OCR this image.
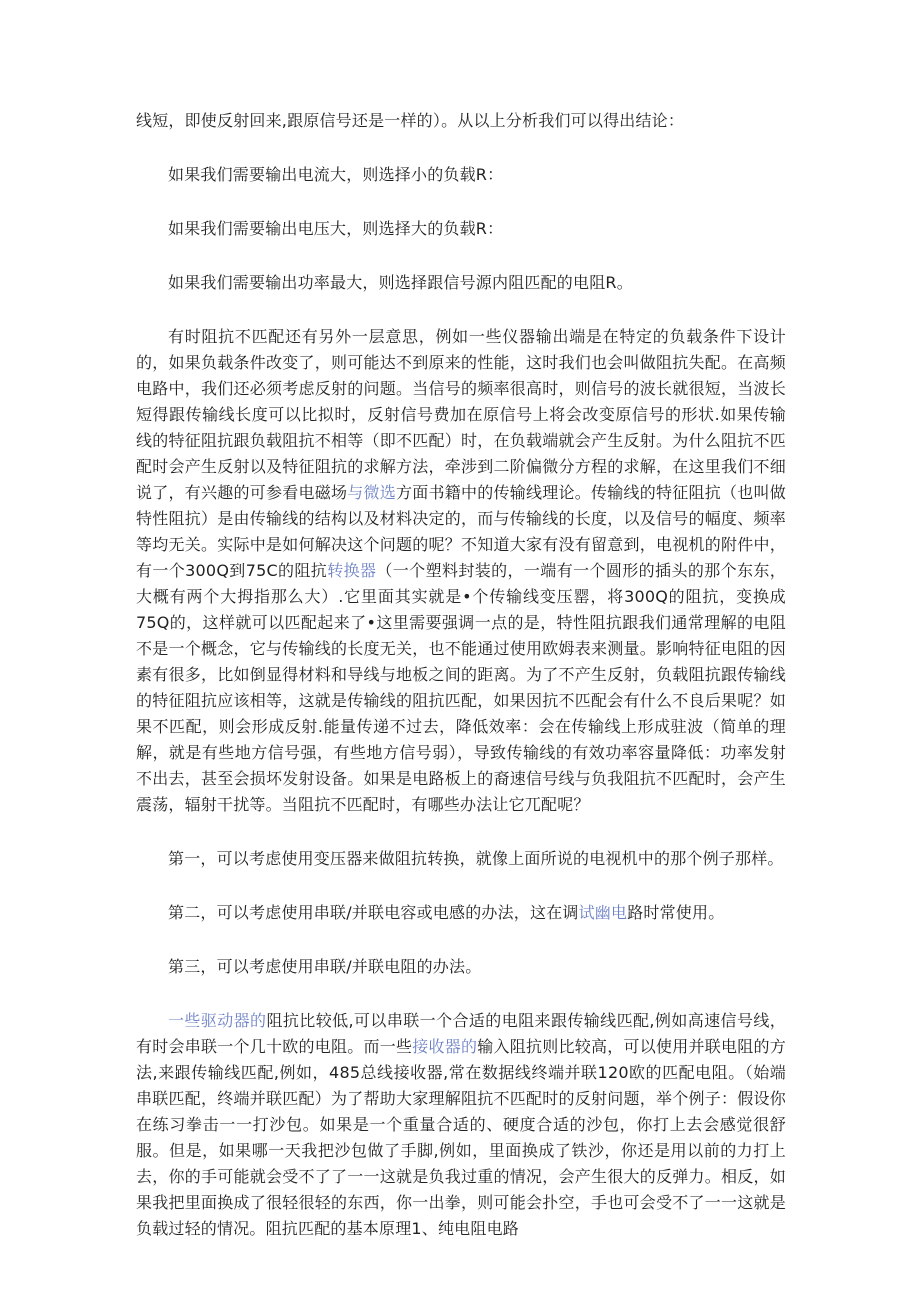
线短，即使反射回来,跟原信号还是一样的）。从以上分析我们可以得出结论：

如果我们需要输出电流大，则选择小的负载R：

如果我们需要输出电压大，则选择大的负载R：

如果我们需要输出功率最大，则选择跟信号源内阻匹配的电阻R。

有时阻抗不匹配还有另外一层意思，例如一些仪器输出端是在特定的负载条件下设计的，如果负载条件改变了，则可能达不到原来的性能，这时我们也会叫做阻抗失配。在高频电路中，我们还必须考虑反射的问题。当信号的频率很高时，则信号的波长就很短，当波长短得跟传输线长度可以比拟时，反射信号费加在原信号上将会改变原信号的形状.如果传输线的特征阻抗跟负载阻抗不相等（即不匹配）时，在负载端就会产生反射。为什么阻抗不匹配时会产生反射以及特征阻抗的求解方法，牵涉到二阶偏微分方程的求解，在这里我们不细说了，有兴趣的可参看电磁场与微选方面书籍中的传输线理论。传输线的特征阻抗（也叫做特性阻抗）是由传输线的结构以及材料决定的，而与传输线的长度，以及信号的幅度、频率等均无关。实际中是如何解决这个问题的呢？不知道大家有没有留意到，电视机的附件中，有一个300Q到75C的阻抗转换器（一个塑料封装的，一端有一个圆形的插头的那个东东，大概有两个大拇指那么大）.它里面其实就是•个传输线变压罂，将300Q的阻抗，变换成75Q的，这样就可以匹配起来了•这里需要强调一点的是，特性阻抗跟我们通常理解的电阻不是一个概念，它与传输线的长度无关，也不能通过使用欧姆表来测量。影响特征电阻的因素有很多，比如倒显得材料和导线与地板之间的距离。为了不产生反射，负载阻抗跟传输线的特征阻抗应该相等，这就是传输线的阻抗匹配，如果因抗不匹配会有什么不良后果呢？如果不匹配，则会形成反射.能量传递不过去，降低效率：会在传输线上形成驻波（简单的理解，就是有些地方信号强，有些地方信号弱），导致传输线的有效功率容量降低：功率发射不出去，甚至会损坏发射设备。如果是电路板上的裔速信号线与负我阻抗不匹配时，会产生震荡，辐射干扰等。当阻抗不匹配时，有哪些办法让它兀配呢？

第一，可以考虑使用变压器来做阻抗转换，就像上面所说的电视机中的那个例子那样。

第二，可以考虑使用串联/并联电容或电感的办法，这在调试幽电路时常使用。

第三，可以考虑使用串联/并联电阻的办法。

一些驱动器的阻抗比较低,可以串联一个合适的电阻来跟传输线匹配,例如高速信号线，有时会串联一个几十欧的电阻。而一些接收器的输入阻抗则比较高，可以使用并联电阻的方法,来跟传输线匹配,例如，485总线接收器,常在数据线终端并联120欧的匹配电阻。（始端串联匹配，终端并联匹配）为了帮助大家理解阻抗不匹配时的反射问题，举个例子：假设你在练习拳击一一打沙包。如果是一个重量合适的、硬度合适的沙包，你打上去会感觉很舒服。但是，如果哪一天我把沙包做了手脚,例如，里面换成了铁沙，你还是用以前的力打上去，你的手可能就会受不了了一一这就是负我过重的情况，会产生很大的反弹力。相反，如果我把里面换成了很轻很轻的东西，你一出拳，则可能会扑空，手也可会受不了一一这就是负载过轻的情况。阻抗匹配的基本原理1、纯电阻电路
